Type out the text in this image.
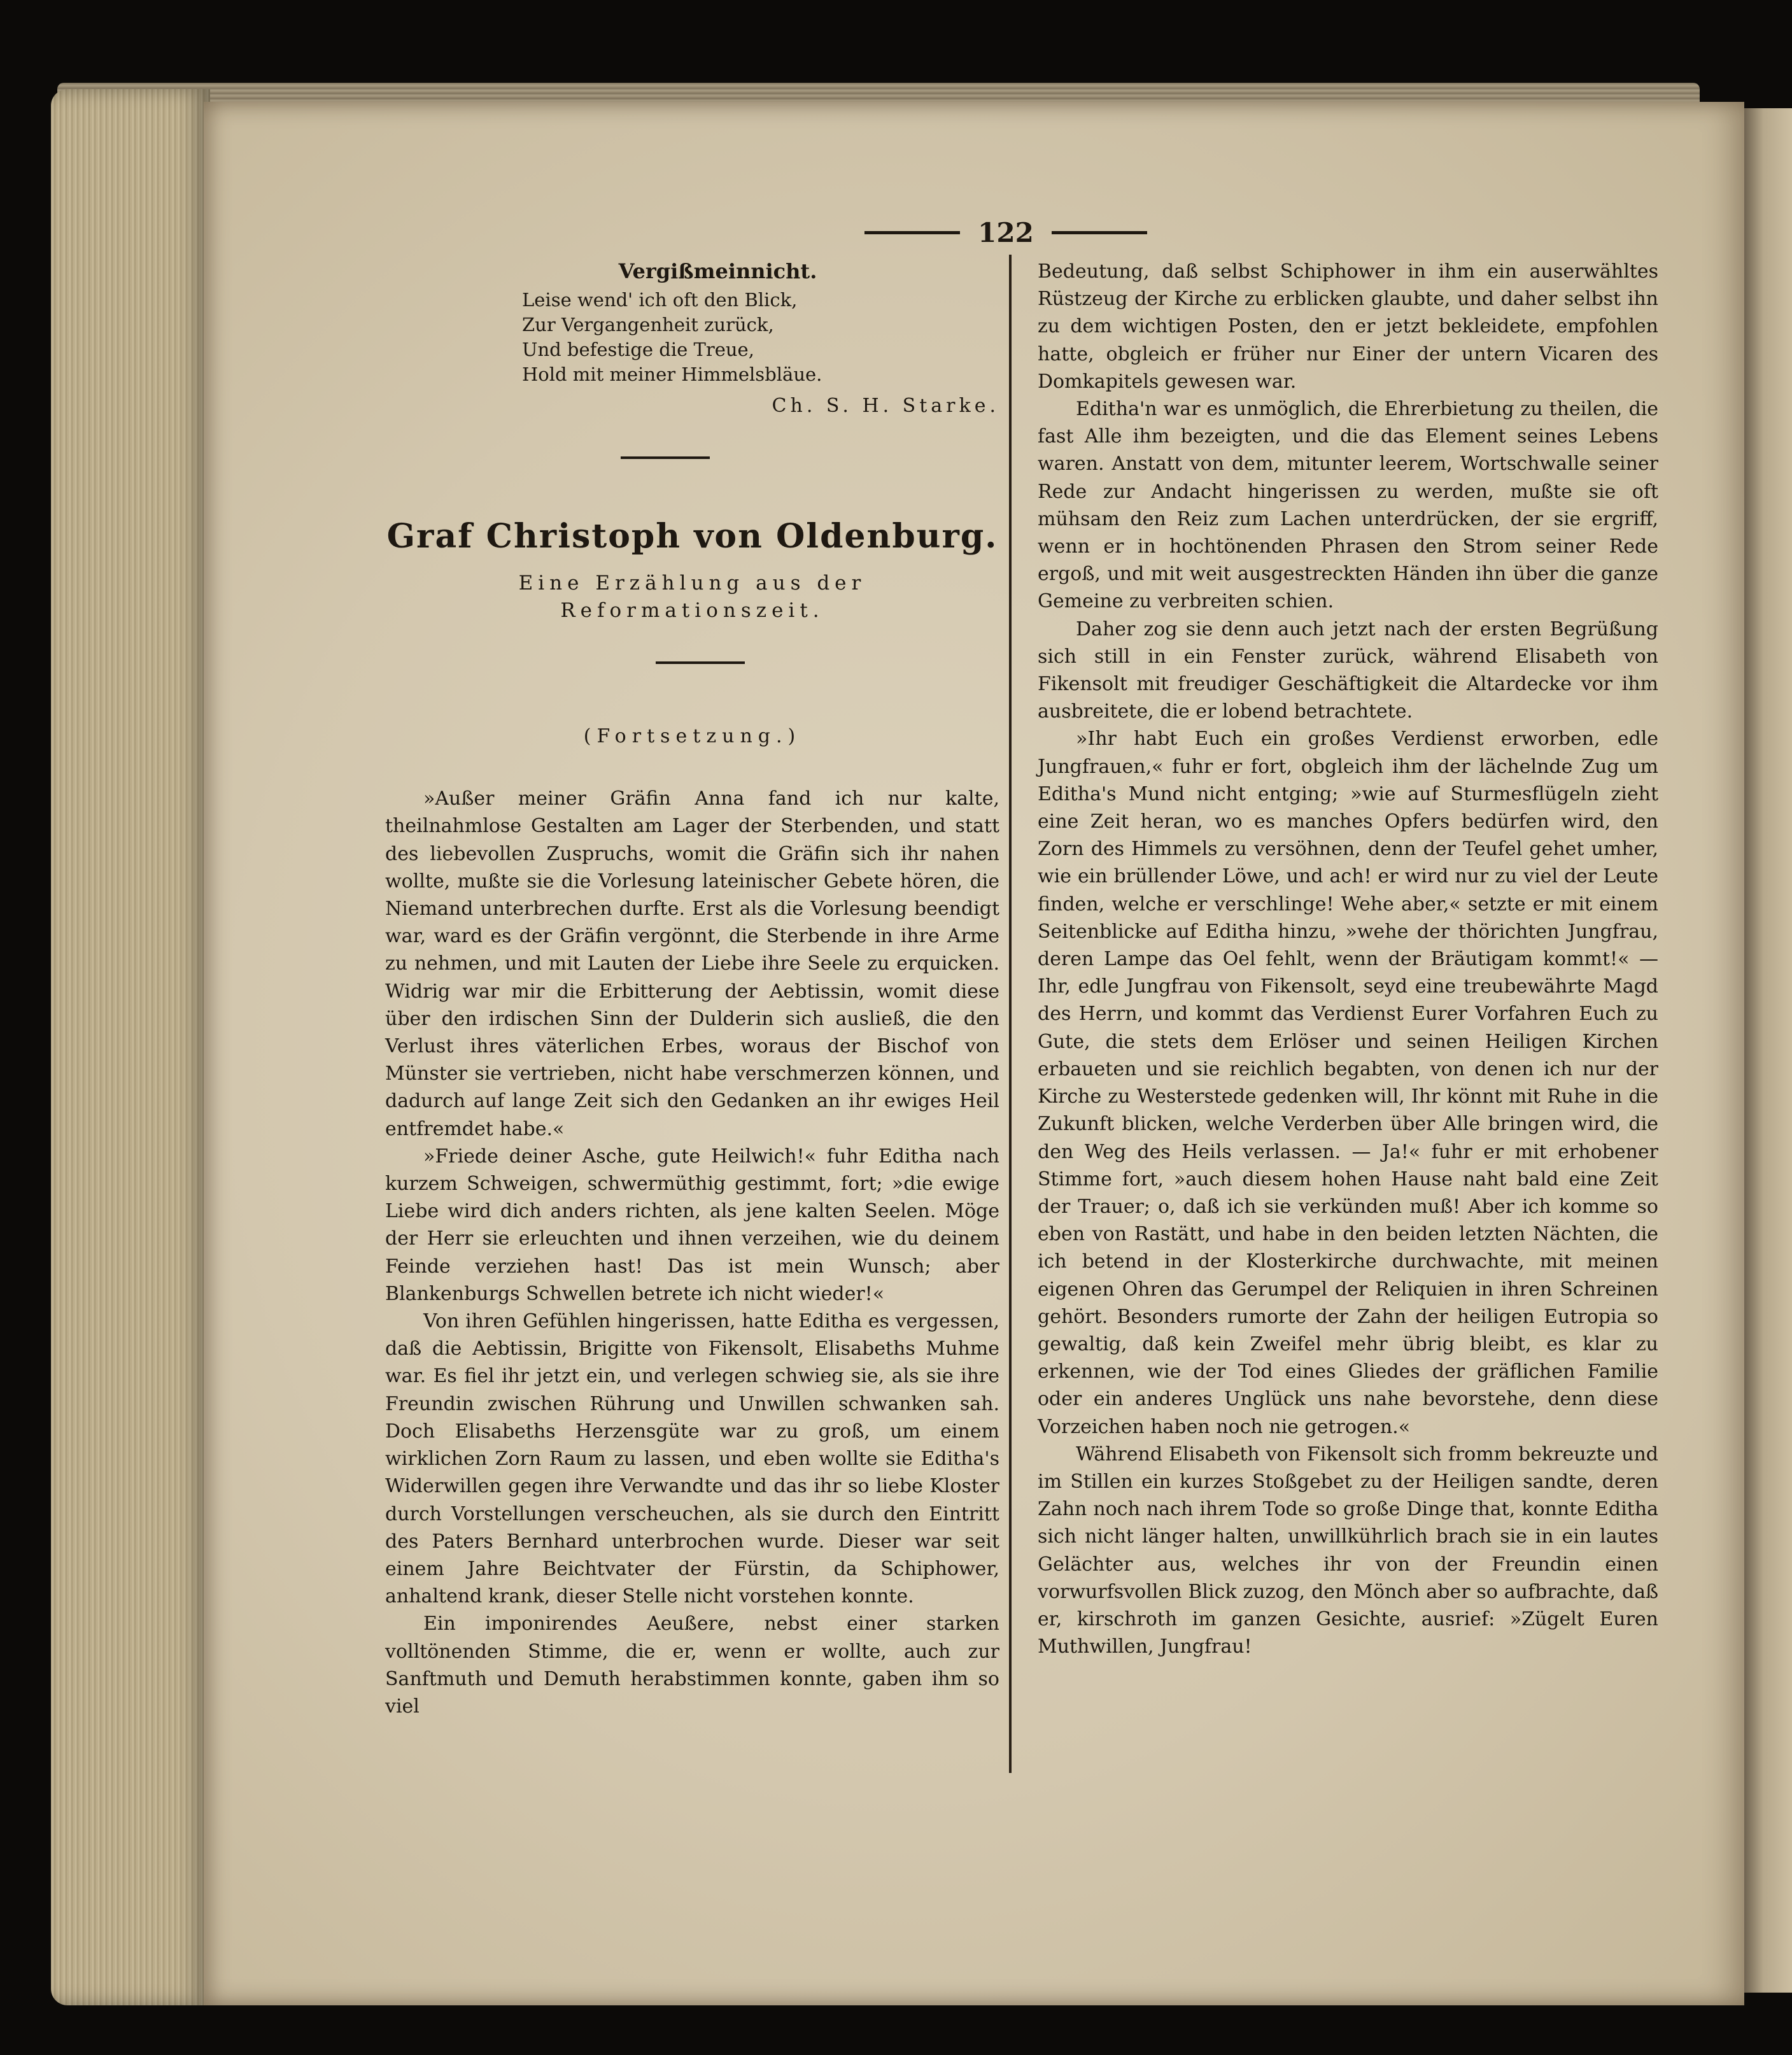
122
Vergißmeinnicht.
Leise wend' ich oft den Blick,
Zur Vergangenheit zurück,
Und befestige die Treue,
Hold mit meiner Himmelsbläue.
Ch. S. H. Starke.
Graf Christoph von Oldenburg.
Eine Erzählung aus der Reformationszeit.
(Fortsetzung.)

»Außer meiner Gräfin Anna fand ich nur kalte, theilnahmlose Gestalten am Lager der Sterbenden, und statt des liebevollen Zuspruchs, womit die Gräfin sich ihr nahen wollte, mußte sie die Vorlesung lateinischer Gebete hören, die Niemand unterbrechen durfte. Erst als die Vorlesung beendigt war, ward es der Gräfin vergönnt, die Sterbende in ihre Arme zu nehmen, und mit Lauten der Liebe ihre Seele zu erquicken. Widrig war mir die Erbitterung der Aebtissin, womit diese über den irdischen Sinn der Dulderin sich ausließ, die den Verlust ihres väterlichen Erbes, woraus der Bischof von Münster sie vertrieben, nicht habe verschmerzen können, und dadurch auf lange Zeit sich den Gedanken an ihr ewiges Heil entfremdet habe.«

»Friede deiner Asche, gute Heilwich!« fuhr Editha nach kurzem Schweigen, schwermüthig gestimmt, fort; »die ewige Liebe wird dich anders richten, als jene kalten Seelen. Möge der Herr sie erleuchten und ihnen verzeihen, wie du deinem Feinde verziehen hast! Das ist mein Wunsch; aber Blankenburgs Schwellen betrete ich nicht wieder!«

Von ihren Gefühlen hingerissen, hatte Editha es vergessen, daß die Aebtissin, Brigitte von Fikensolt, Elisabeths Muhme war. Es fiel ihr jetzt ein, und verlegen schwieg sie, als sie ihre Freundin zwischen Rührung und Unwillen schwanken sah. Doch Elisabeths Herzensgüte war zu groß, um einem wirklichen Zorn Raum zu lassen, und eben wollte sie Editha's Widerwillen gegen ihre Verwandte und das ihr so liebe Kloster durch Vorstellungen verscheuchen, als sie durch den Eintritt des Paters Bernhard unterbrochen wurde. Dieser war seit einem Jahre Beichtvater der Fürstin, da Schiphower, anhaltend krank, dieser Stelle nicht vorstehen konnte.

Ein imponirendes Aeußere, nebst einer starken volltönenden Stimme, die er, wenn er wollte, auch zur Sanftmuth und Demuth herabstimmen konnte, gaben ihm so viel

Bedeutung, daß selbst Schiphower in ihm ein auserwähltes Rüstzeug der Kirche zu erblicken glaubte, und daher selbst ihn zu dem wichtigen Posten, den er jetzt bekleidete, empfohlen hatte, obgleich er früher nur Einer der untern Vicaren des Domkapitels gewesen war.

Editha'n war es unmöglich, die Ehrerbietung zu theilen, die fast Alle ihm bezeigten, und die das Element seines Lebens waren. Anstatt von dem, mitunter leerem, Wortschwalle seiner Rede zur Andacht hingerissen zu werden, mußte sie oft mühsam den Reiz zum Lachen unterdrücken, der sie ergriff, wenn er in hochtönenden Phrasen den Strom seiner Rede ergoß, und mit weit ausgestreckten Händen ihn über die ganze Gemeine zu verbreiten schien.

Daher zog sie denn auch jetzt nach der ersten Begrüßung sich still in ein Fenster zurück, während Elisabeth von Fikensolt mit freudiger Geschäftigkeit die Altardecke vor ihm ausbreitete, die er lobend betrachtete.

»Ihr habt Euch ein großes Verdienst erworben, edle Jungfrauen,« fuhr er fort, obgleich ihm der lächelnde Zug um Editha's Mund nicht entging; »wie auf Sturmesflügeln zieht eine Zeit heran, wo es manches Opfers bedürfen wird, den Zorn des Himmels zu versöhnen, denn der Teufel gehet umher, wie ein brüllender Löwe, und ach! er wird nur zu viel der Leute finden, welche er verschlinge! Wehe aber,« setzte er mit einem Seitenblicke auf Editha hinzu, »wehe der thörichten Jungfrau, deren Lampe das Oel fehlt, wenn der Bräutigam kommt!« — Ihr, edle Jungfrau von Fikensolt, seyd eine treubewährte Magd des Herrn, und kommt das Verdienst Eurer Vorfahren Euch zu Gute, die stets dem Erlöser und seinen Heiligen Kirchen erbaueten und sie reichlich begabten, von denen ich nur der Kirche zu Westerstede gedenken will, Ihr könnt mit Ruhe in die Zukunft blicken, welche Verderben über Alle bringen wird, die den Weg des Heils verlassen. — Ja!« fuhr er mit erhobener Stimme fort, »auch diesem hohen Hause naht bald eine Zeit der Trauer; o, daß ich sie verkünden muß! Aber ich komme so eben von Rastätt, und habe in den beiden letzten Nächten, die ich betend in der Klosterkirche durchwachte, mit meinen eigenen Ohren das Gerumpel der Reliquien in ihren Schreinen gehört. Besonders rumorte der Zahn der heiligen Eutropia so gewaltig, daß kein Zweifel mehr übrig bleibt, es klar zu erkennen, wie der Tod eines Gliedes der gräflichen Familie oder ein anderes Unglück uns nahe bevorstehe, denn diese Vorzeichen haben noch nie getrogen.«

Während Elisabeth von Fikensolt sich fromm bekreuzte und im Stillen ein kurzes Stoßgebet zu der Heiligen sandte, deren Zahn noch nach ihrem Tode so große Dinge that, konnte Editha sich nicht länger halten, unwillkührlich brach sie in ein lautes Gelächter aus, welches ihr von der Freundin einen vorwurfsvollen Blick zuzog, den Mönch aber so aufbrachte, daß er, kirschroth im ganzen Gesichte, ausrief: »Zügelt Euren Muthwillen, Jungfrau!
